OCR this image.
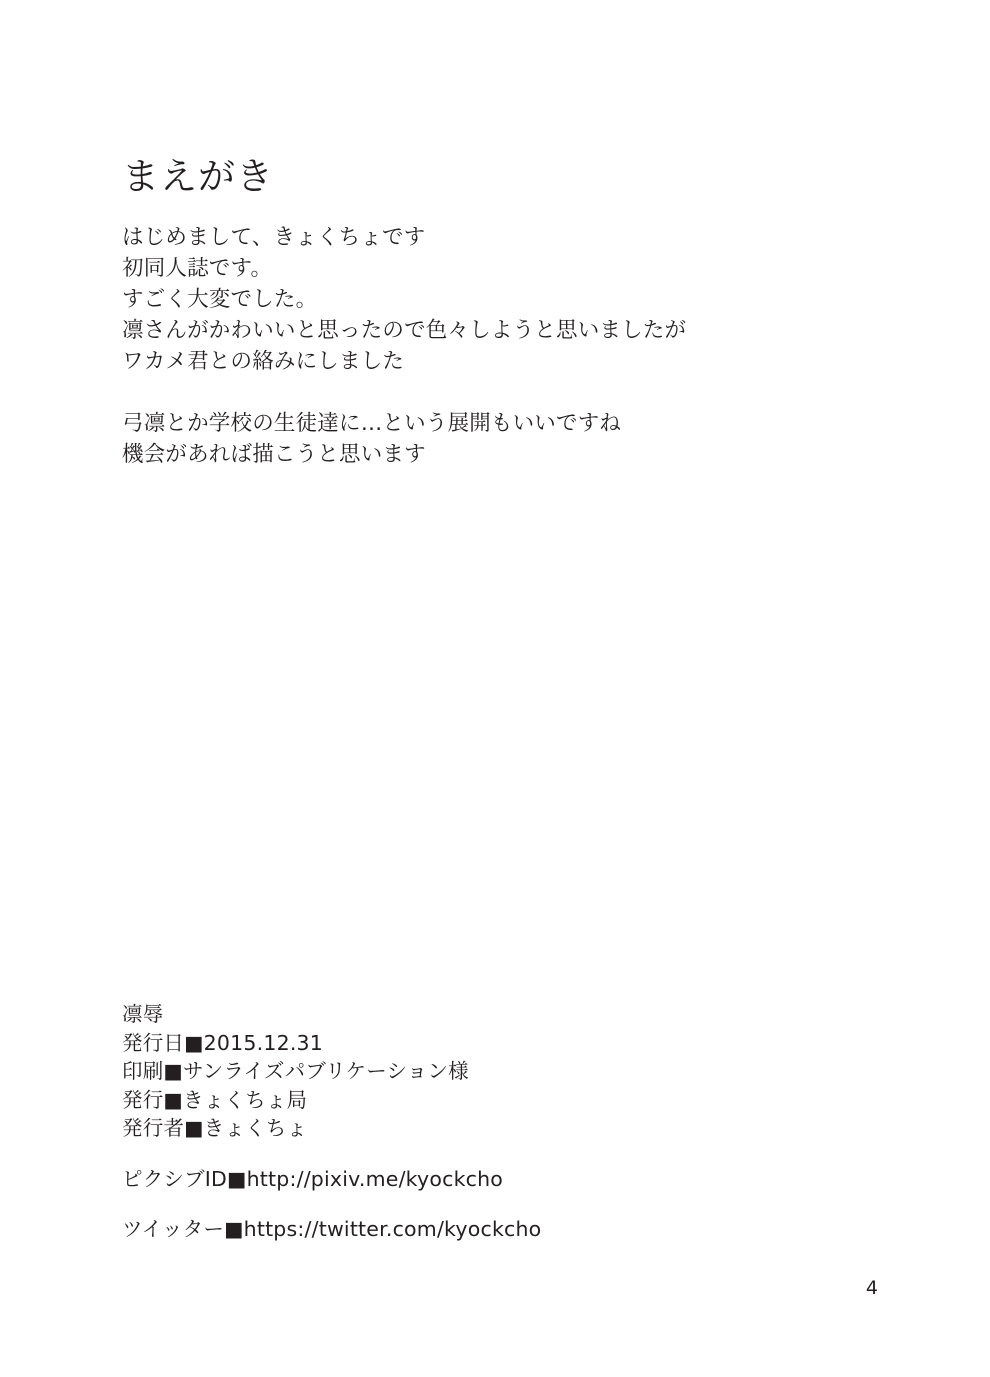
まえがき

はじめまして、きょくちょです

初同人誌です。

すごく大変でした。

凛さんがかわいいと思ったので色々しようと思いましたが

ワカメ君との絡みにしました

弓凛とか学校の生徒達に…という展開もいいですね

機会があれば描こうと思います

凛辱

発行日■2015.12.31

印刷■サンライズパブリケーション様

発行■きょくちょ局

発行者■きょくちょ

ピクシブID■http://pixiv.me/kyockcho

ツイッター■https://twitter.com/kyockcho

4
